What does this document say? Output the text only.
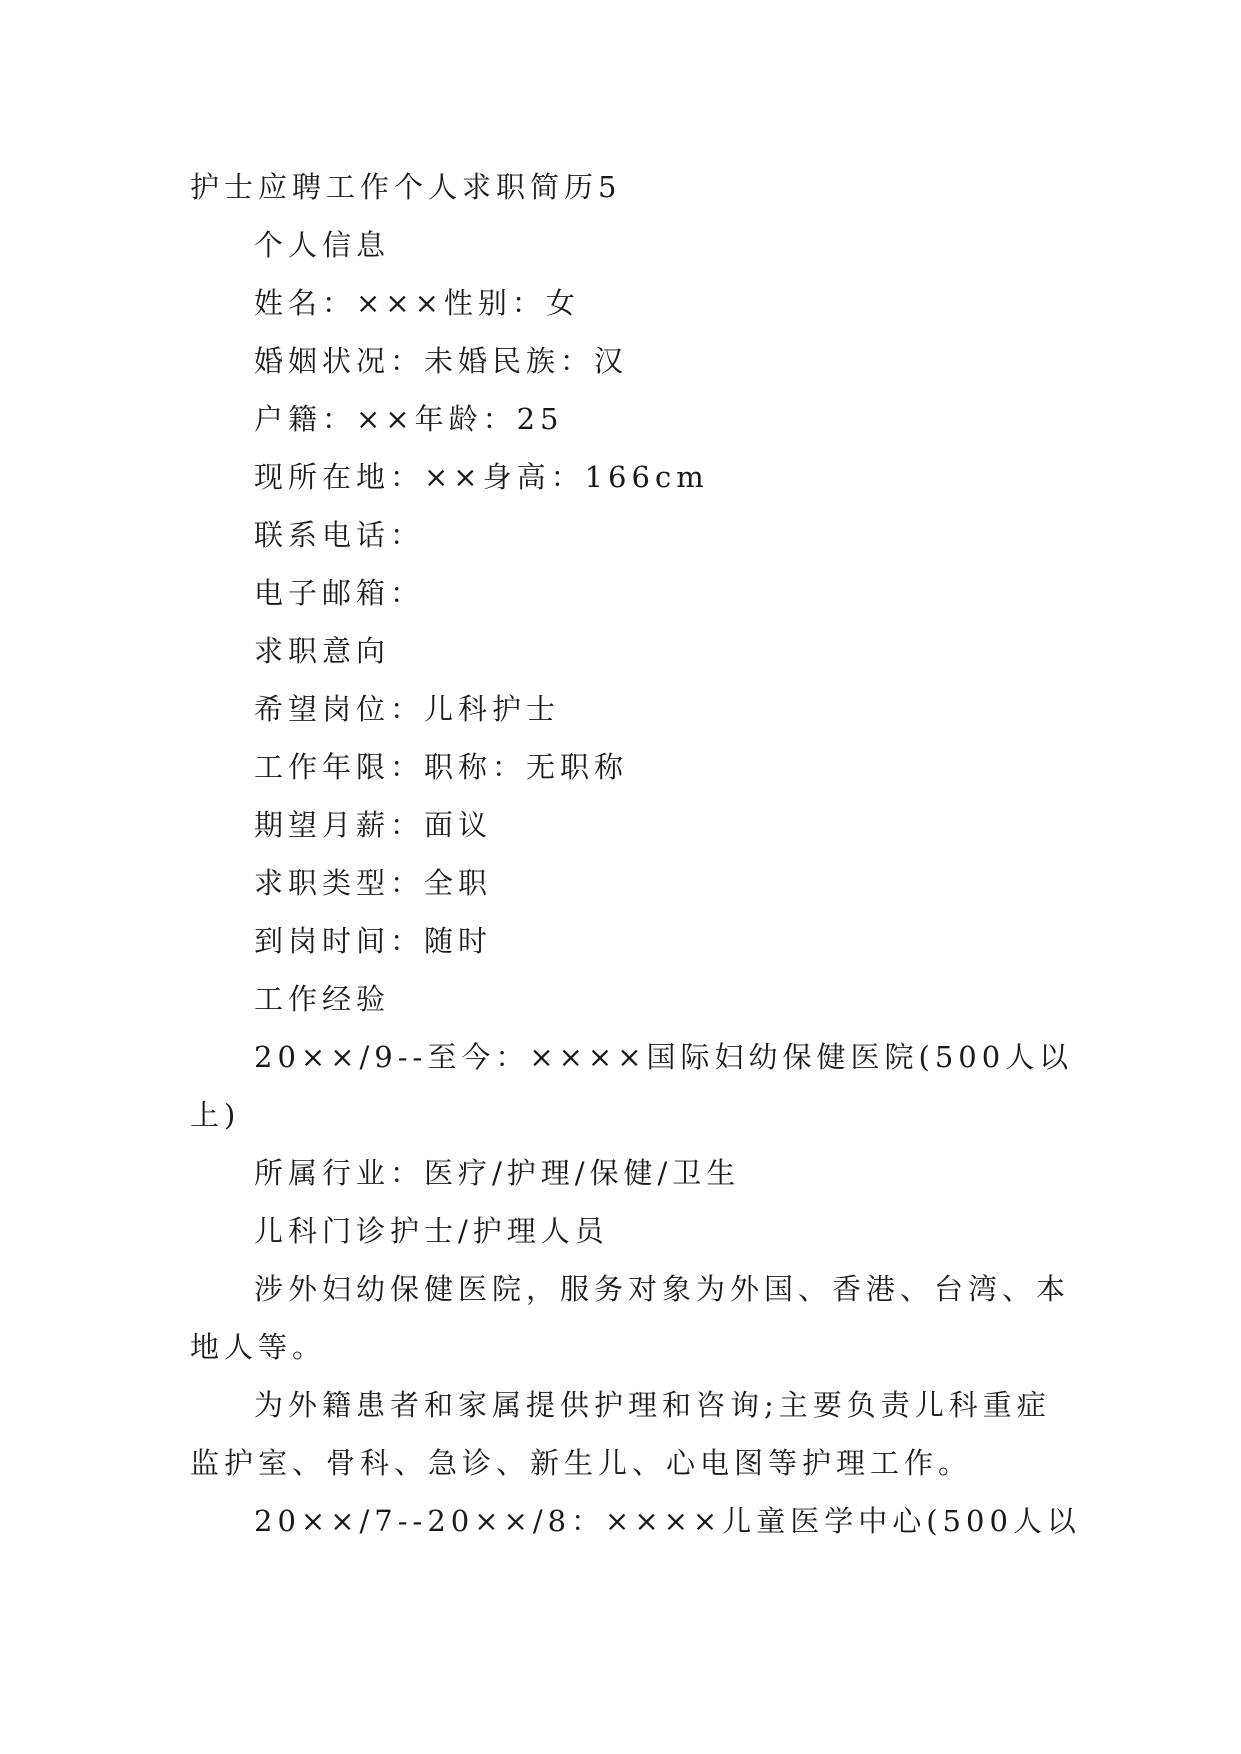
护士应聘工作个人求职简历5

个人信息

姓名：×××性别：女

婚姻状况：未婚民族：汉

户籍：××年龄：25

现所在地：××身高：166cm

联系电话：

电子邮箱：

求职意向

希望岗位：儿科护士

工作年限：职称：无职称

期望月薪：面议

求职类型：全职

到岗时间：随时

工作经验

20××/9--至今：××××国际妇幼保健医院(500人以

上)

所属行业：医疗/护理/保健/卫生

儿科门诊护士/护理人员

涉外妇幼保健医院，服务对象为外国、香港、台湾、本

地人等。

为外籍患者和家属提供护理和咨询;主要负责儿科重症

监护室、骨科、急诊、新生儿、心电图等护理工作。

20××/7--20××/8：××××儿童医学中心(500人以
